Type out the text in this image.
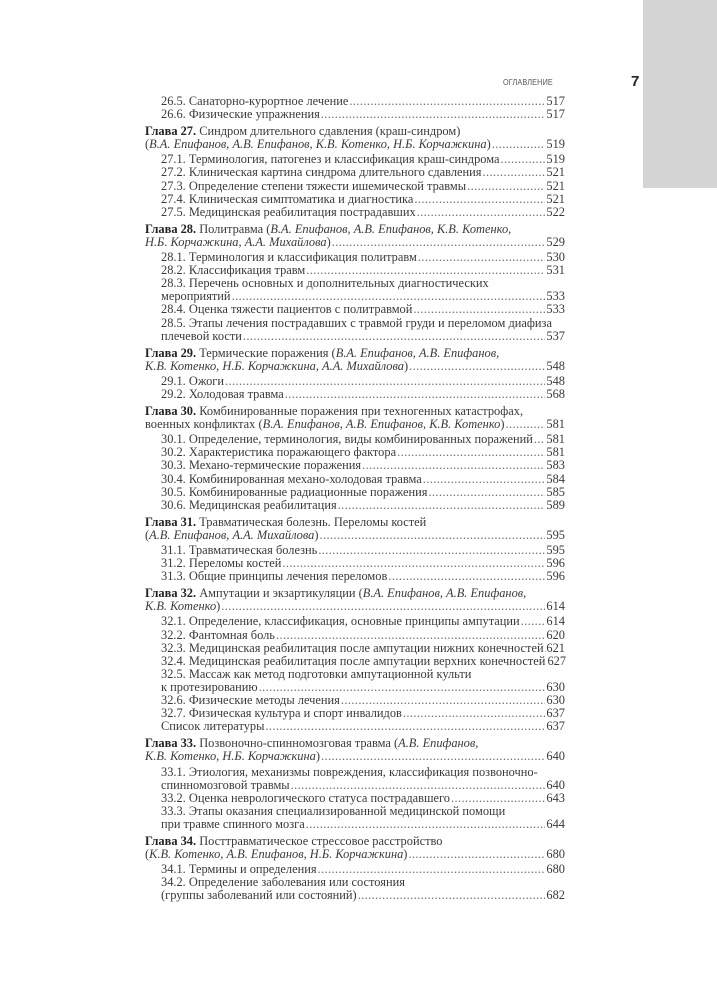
ОГЛАВЛЕНИЕ	7
26.5. Санаторно-курортное лечение .....	517
26.6. Физические упражнения .....	517
Глава 27. Синдром длительного сдавления (краш-синдром)
(В.А. Епифанов, А.В. Епифанов, К.В. Котенко, Н.Б. Корчажкина) .....	519
27.1. Терминология, патогенез и классификация краш-синдрома .....	519
27.2. Клиническая картина синдрома длительного сдавления .....	521
27.3. Определение степени тяжести ишемической травмы .....	521
27.4. Клиническая симптоматика и диагностика .....	521
27.5. Медицинская реабилитация пострадавших .....	522
Глава 28. Политравма (В.А. Епифанов, А.В. Епифанов, К.В. Котенко,
Н.Б. Корчажкина, А.А. Михайлова) .....	529
28.1. Терминология и классификация политравм .....	530
28.2. Классификация травм .....	531
28.3. Перечень основных и дополнительных диагностических
мероприятий .....	533
28.4. Оценка тяжести пациентов с политравмой .....	533
28.5. Этапы лечения пострадавших с травмой груди и переломом диафиза
плечевой кости .....	537
Глава 29. Термические поражения (В.А. Епифанов, А.В. Епифанов,
К.В. Котенко, Н.Б. Корчажкина, А.А. Михайлова) .....	548
29.1. Ожоги .....	548
29.2. Холодовая травма .....	568
Глава 30. Комбинированные поражения при техногенных катастрофах,
военных конфликтах (В.А. Епифанов, А.В. Епифанов, К.В. Котенко) .....	581
30.1. Определение, терминология, виды комбинированных поражений ..... 581
30.2. Характеристика поражающего фактора .....	581
30.3. Механо-термические поражения .....	583
30.4. Комбинированная механо-холодовая травма .....	584
30.5. Комбинированные радиационные поражения .....	585
30.6. Медицинская реабилитация .....	589
Глава 31. Травматическая болезнь. Переломы костей
(А.В. Епифанов, А.А. Михайлова) .....	595
31.1. Травматическая болезнь .....	595
31.2. Переломы костей .....	596
31.3. Общие принципы лечения переломов .....	596
Глава 32. Ампутации и экзартикуляции (В.А. Епифанов, А.В. Епифанов,
К.В. Котенко) .....	614
32.1. Определение, классификация, основные принципы ампутации ..... 614
32.2. Фантомная боль .....	620
32.3. Медицинская реабилитация после ампутации нижних конечностей ..... 621
32.4. Медицинская реабилитация после ампутации верхних конечностей 627
32.5. Массаж как метод подготовки ампутационной культи
к протезированию .....	630
32.6. Физические методы лечения .....	630
32.7. Физическая культура и спорт инвалидов .....	637
Список литературы .....	637
Глава 33. Позвоночно-спинномозговая травма (А.В. Епифанов,
К.В. Котенко, Н.Б. Корчажкина) .....	640
33.1. Этиология, механизмы повреждения, классификация позвоночно-
спинномозговой травмы .....	640
33.2. Оценка неврологического статуса пострадавшего .....	643
33.3. Этапы оказания специализированной медицинской помощи
при травме спинного мозга .....	644
Глава 34. Посттравматическое стрессовое расстройство
(К.В. Котенко, А.В. Епифанов, Н.Б. Корчажкина) .....	680
34.1. Термины и определения .....	680
34.2. Определение заболевания или состояния
(группы заболеваний или состояний) .....	682
